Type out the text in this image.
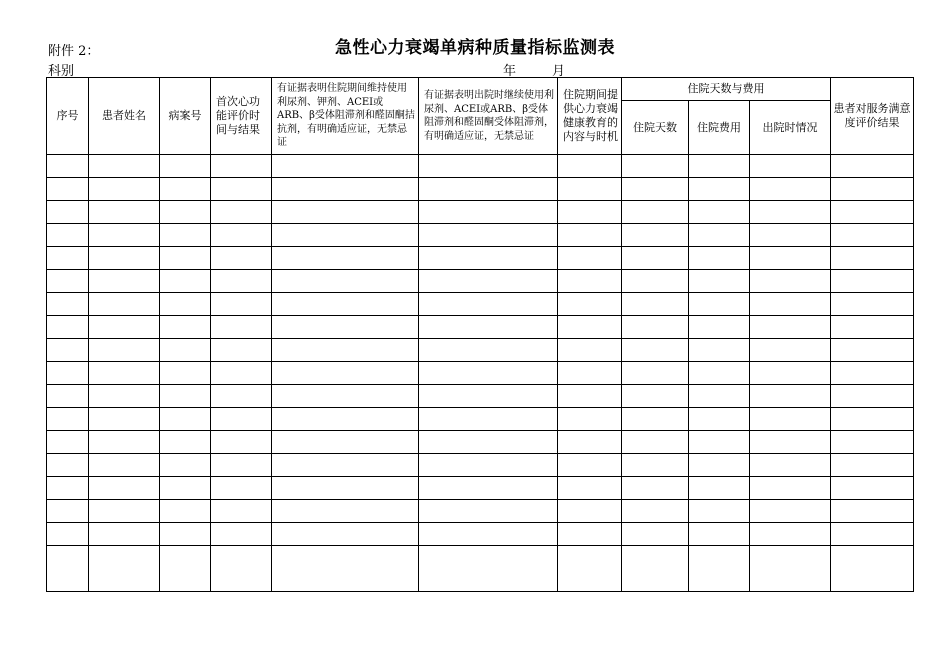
附件 2：	急性心力衰竭单病种质量指标监测表
科别	年	月
序号	患者姓名	病案号	首次心功能评价时间与结果	有证据表明住院期间维持使用利尿剂、钾剂、ACEI或ARB、β受体阻滞剂和醛固酮拮抗剂，有明确适应证，无禁忌证	有证据表明出院时继续使用利尿剂、ACEI或ARB、β受体阻滞剂和醛固酮受体阻滞剂，有明确适应证，无禁忌证	住院期间提供心力衰竭健康教育的内容与时机	住院天数与费用			患者对服务满意度评价结果
							住院天数	住院费用	出院时情况	
